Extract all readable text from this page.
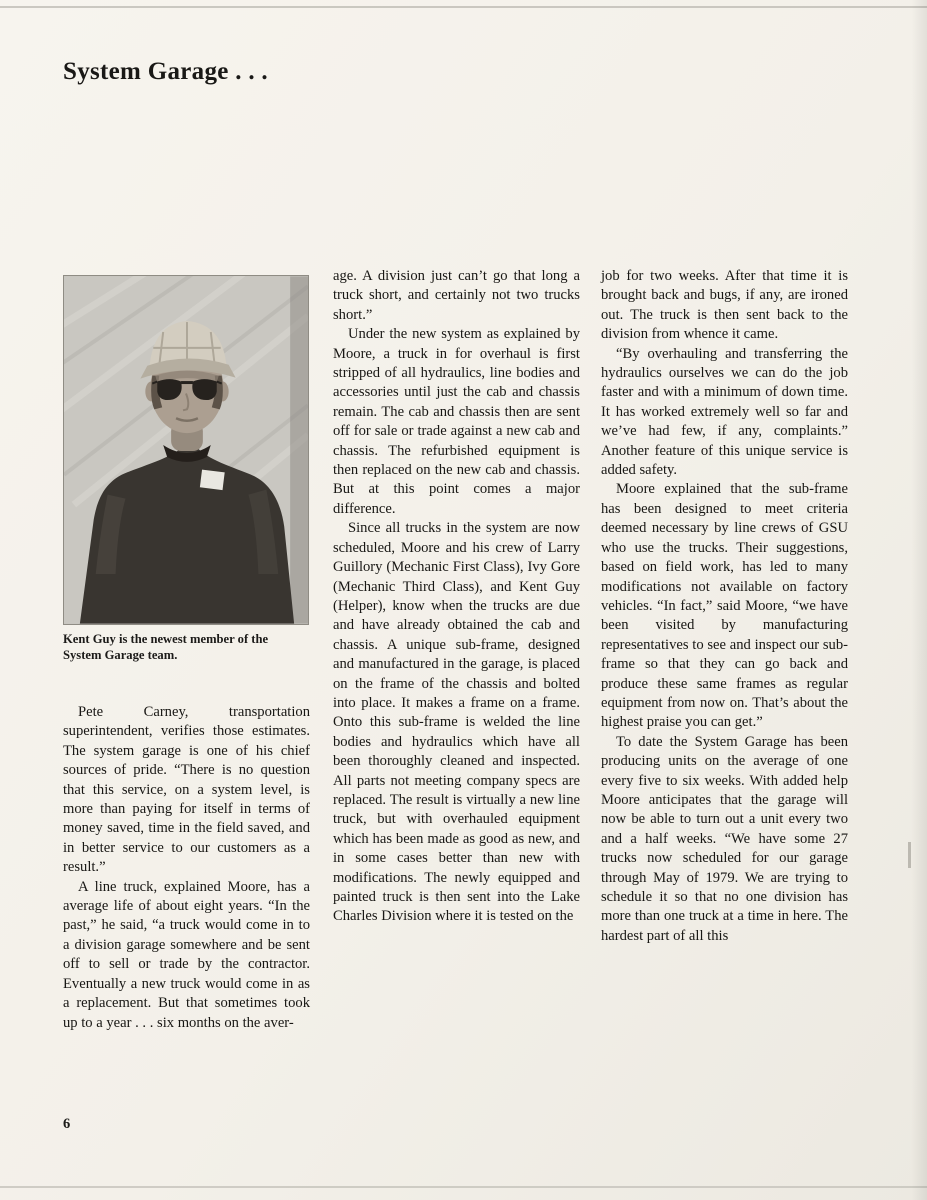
System Garage . . .
Kent Guy is the newest member of the System Garage team.

Pete Carney, transportation superintendent, verifies those estimates. The system garage is one of his chief sources of pride. “There is no question that this service, on a system level, is more than paying for itself in terms of money saved, time in the field saved, and in better service to our customers as a result.”

A line truck, explained Moore, has a average life of about eight years. “In the past,” he said, “a truck would come in to a division garage somewhere and be sent off to sell or trade by the contractor. Eventually a new truck would come in as a replacement. But that sometimes took up to a year . . . six months on the aver-

age. A division just can’t go that long a truck short, and certainly not two trucks short.”

Under the new system as explained by Moore, a truck in for overhaul is first stripped of all hydraulics, line bodies and accessories until just the cab and chassis remain. The cab and chassis then are sent off for sale or trade against a new cab and chassis. The refurbished equipment is then replaced on the new cab and chassis. But at this point comes a major difference.

Since all trucks in the system are now scheduled, Moore and his crew of Larry Guillory (Mechanic First Class), Ivy Gore (Mechanic Third Class), and Kent Guy (Helper), know when the trucks are due and have already obtained the cab and chassis. A unique sub-frame, designed and manufactured in the garage, is placed on the frame of the chassis and bolted into place. It makes a frame on a frame. Onto this sub-frame is welded the line bodies and hydraulics which have all been thoroughly cleaned and inspected. All parts not meeting company specs are replaced. The result is virtually a new line truck, but with overhauled equipment which has been made as good as new, and in some cases better than new with modifications. The newly equipped and painted truck is then sent into the Lake Charles Division where it is tested on the

job for two weeks. After that time it is brought back and bugs, if any, are ironed out. The truck is then sent back to the division from whence it came.

“By overhauling and transferring the hydraulics ourselves we can do the job faster and with a minimum of down time. It has worked extremely well so far and we’ve had few, if any, complaints.” Another feature of this unique service is added safety.

Moore explained that the sub-frame has been designed to meet criteria deemed necessary by line crews of GSU who use the trucks. Their suggestions, based on field work, has led to many modifications not available on factory vehicles. “In fact,” said Moore, “we have been visited by manufacturing representatives to see and inspect our sub-frame so that they can go back and produce these same frames as regular equipment from now on. That’s about the highest praise you can get.”

To date the System Garage has been producing units on the average of one every five to six weeks. With added help Moore anticipates that the garage will now be able to turn out a unit every two and a half weeks. “We have some 27 trucks now scheduled for our garage through May of 1979. We are trying to schedule it so that no one division has more than one truck at a time in here. The hardest part of all this

6
